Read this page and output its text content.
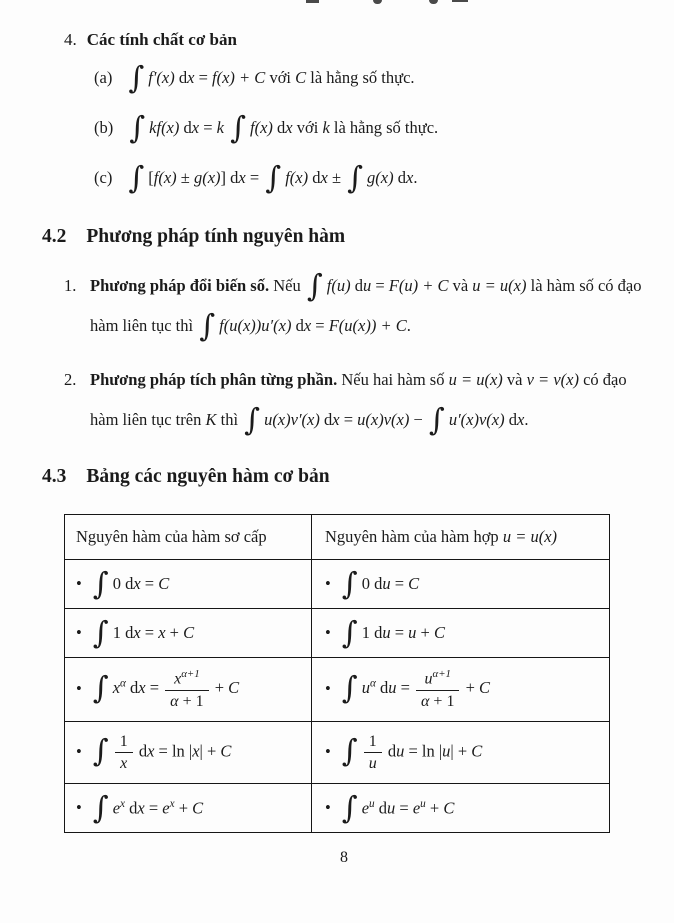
4. Các tính chất cơ bản
(a) ∫ f′(x) dx = f(x) + C với C là hằng số thực.
(b) ∫ kf(x) dx = k ∫ f(x) dx với k là hằng số thực.
(c) ∫ [f(x) ± g(x)] dx = ∫ f(x) dx ± ∫ g(x) dx.
4.2 Phương pháp tính nguyên hàm
1. Phương pháp đổi biến số. Nếu ∫ f(u) du = F(u) + C và u = u(x) là hàm số có đạo hàm liên tục thì ∫ f(u(x))u′(x) dx = F(u(x)) + C.
2. Phương pháp tích phân từng phần. Nếu hai hàm số u = u(x) và v = v(x) có đạo hàm liên tục trên K thì ∫ u(x)v′(x) dx = u(x)v(x) − ∫ u′(x)v(x) dx.
4.3 Bảng các nguyên hàm cơ bản
Nguyên hàm của hàm sơ cấp	Nguyên hàm của hàm hợp u = u(x)
• ∫ 0 dx = C	• ∫ 0 du = C
• ∫ 1 dx = x + C	• ∫ 1 du = u + C
• ∫ $x^\alpha$ dx = $\frac{x^{\alpha+1}}{\alpha + 1} + C$	• ∫ $u^\alpha$ du = $\frac{u^{\alpha+1}}{\alpha + 1} + C$
• ∫ $\frac{1}{x}$ dx = ln |x| + C	• ∫ $\frac{1}{u}$ du = ln |u| + C
• ∫ $e^x$ dx = $e^x + C$	• ∫ $e^u$ du = $e^u + C$
8
